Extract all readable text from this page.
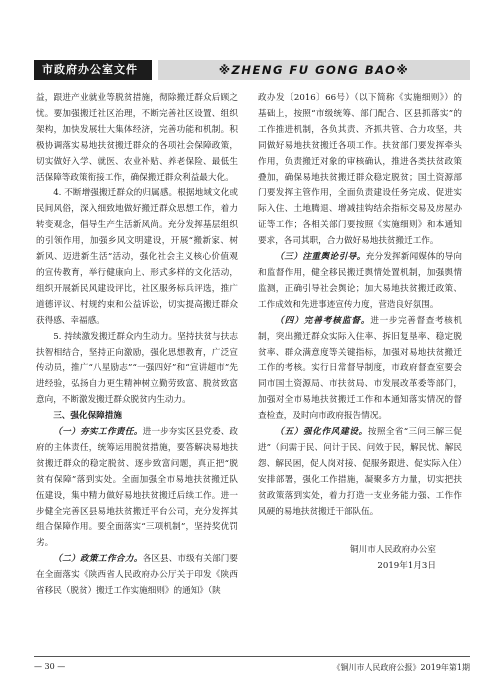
市政府办公室文件	※ZHENG FU GONG BAO※

益，跟进产业就业等脱贫措施，彻除搬迁群众后顾之忧。要加强搬迁社区治理，不断完善社区设置、组织架构，加快发展壮大集体经济，完善功能和机制。积极协调落实易地扶贫搬迁群众的各项社会保障政策，切实做好入学、就医、农业补贴、养老保险、最低生活保障等政策衔接工作，确保搬迁群众利益最大化。

4. 不断增强搬迁群众的归属感。根据地域文化或民间风俗，深入细致地做好搬迁群众思想工作，着力转变观念，倡导生产生活新风尚。充分发挥基层组织的引领作用，加强乡风文明建设，开展“搬新家、树新风、迈进新生活”活动，强化社会主义核心价值观的宣传教育，举行健康向上、形式多样的文化活动，组织开展新民风建设评比，社区服务标兵评选，推广道德评议、村规约束和公益诉讼，切实提高搬迁群众获得感、幸福感。

5. 持续激发搬迁群众内生动力。坚持扶贫与扶志扶智相结合，坚持正向激励，强化思想教育，广泛宣传动员，推广“八星励志”“一强四好”和“宣讲超市”先进经验，弘扬自力更生精神树立勤劳致富、脱贫致富意向，不断激发搬迁群众脱贫内生动力。

三、强化保障措施

（一）夯实工作责任。进一步夯实区县党委、政府的主体责任，统筹运用脱贫措施，要答解决易地扶贫搬迁群众的稳定脱贫、逐步致富问题，真正把“脱贫有保障”落到实处。全面加强全市易地扶贫搬迁队伍建设，集中精力做好易地扶贫搬迁后续工作。进一步健全完善区县易地扶贫搬迁平台公司，充分发挥其组合保障作用。要全面落实“三项机制”，坚持奖优罚劣。

（二）政策工作合力。各区县、市级有关部门要在全面落实《陕西省人民政府办公厅关于印发《陕西省移民（脱贫）搬迁工作实施细则》的通知》（陕

政办发〔2016〕66号）（以下简称《实施细则》）的基础上，按照“市级统筹、部门配合、区县抓落实”的工作推进机制，各负其责、齐抓共管、合力攻坚，共同做好易地扶贫搬迁各项工作。扶贫部门要发挥牵头作用，负责搬迁对象的审核确认，推进各类扶贫政策叠加，确保易地扶贫搬迁群众稳定脱贫；国土资源部门要发挥主管作用，全面负责建设任务完成、促进实际入住、土地腾退、增减挂钩结余指标交易及房屋办证等工作；各相关部门要按照《实施细则》和本通知要求，各司其职，合力做好易地扶贫搬迁工作。

（三）注重舆论引导。充分发挥新闻媒体的导向和监督作用，健全移民搬迁舆情处置机制，加强舆情监测，正确引导社会舆论；加大易地扶贫搬迁政策、工作成效和先进事迹宣传力度，营造良好氛围。

（四）完善考核监督。进一步完善督查考核机制，突出搬迁群众实际入住率、拆旧复垦率、稳定脱贫率、群众满意度等关键指标，加强对易地扶贫搬迁工作的考核。实行日常督导制度，市政府督查室要会同市国土资源局、市扶贫局、市发展改革委等部门，加强对全市易地扶贫搬迁工作和本通知落实情况的督查检查，及时向市政府报告情况。

（五）强化作风建设。按照全省“三问三解三促进”（问需于民、问计于民、问效于民，解民忧、解民怨、解民困，促人岗对接、促服务跟进、促实际入住）安排部署，强化工作措施，凝聚多方力量，切实把扶贫政策落到实处，着力打造一支业务能力强、工作作风硬的易地扶贫搬迁干部队伍。

铜川市人民政府办公室
2019年1月3日
— 30 —	《铜川市人民政府公报》2019年第1期
